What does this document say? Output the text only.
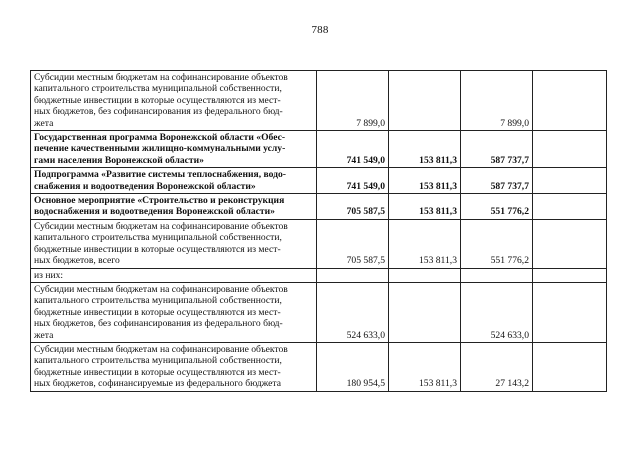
788
Субсидии местным бюджетам на софинансирование объектов
капитального строительства муниципальной собственности,
бюджетные инвестиции в которые осуществляются из мест-
ных бюджетов, без софинансирования из федерального бюд-
жета	7 899,0		7 899,0	

Государственная программа Воронежской области «Обес-
печение качественными жилищно-коммунальными услу-
гами населения Воронежской области»	741 549,0	153 811,3	587 737,7	

Подпрограмма «Развитие системы теплоснабжения, водо-
снабжения и водоотведения Воронежской области»	741 549,0	153 811,3	587 737,7	

Основное мероприятие «Строительство и реконструкция
водоснабжения и водоотведения Воронежской области»	705 587,5	153 811,3	551 776,2	

Субсидии местным бюджетам на софинансирование объектов
капитального строительства муниципальной собственности,
бюджетные инвестиции в которые осуществляются из мест-
ных бюджетов, всего	705 587,5	153 811,3	551 776,2	

из них:				

Субсидии местным бюджетам на софинансирование объектов
капитального строительства муниципальной собственности,
бюджетные инвестиции в которые осуществляются из мест-
ных бюджетов, без софинансирования из федерального бюд-
жета	524 633,0		524 633,0	

Субсидии местным бюджетам на софинансирование объектов
капитального строительства муниципальной собственности,
бюджетные инвестиции в которые осуществляются из мест-
ных бюджетов, софинансируемые из федерального бюджета	180 954,5	153 811,3	27 143,2	
